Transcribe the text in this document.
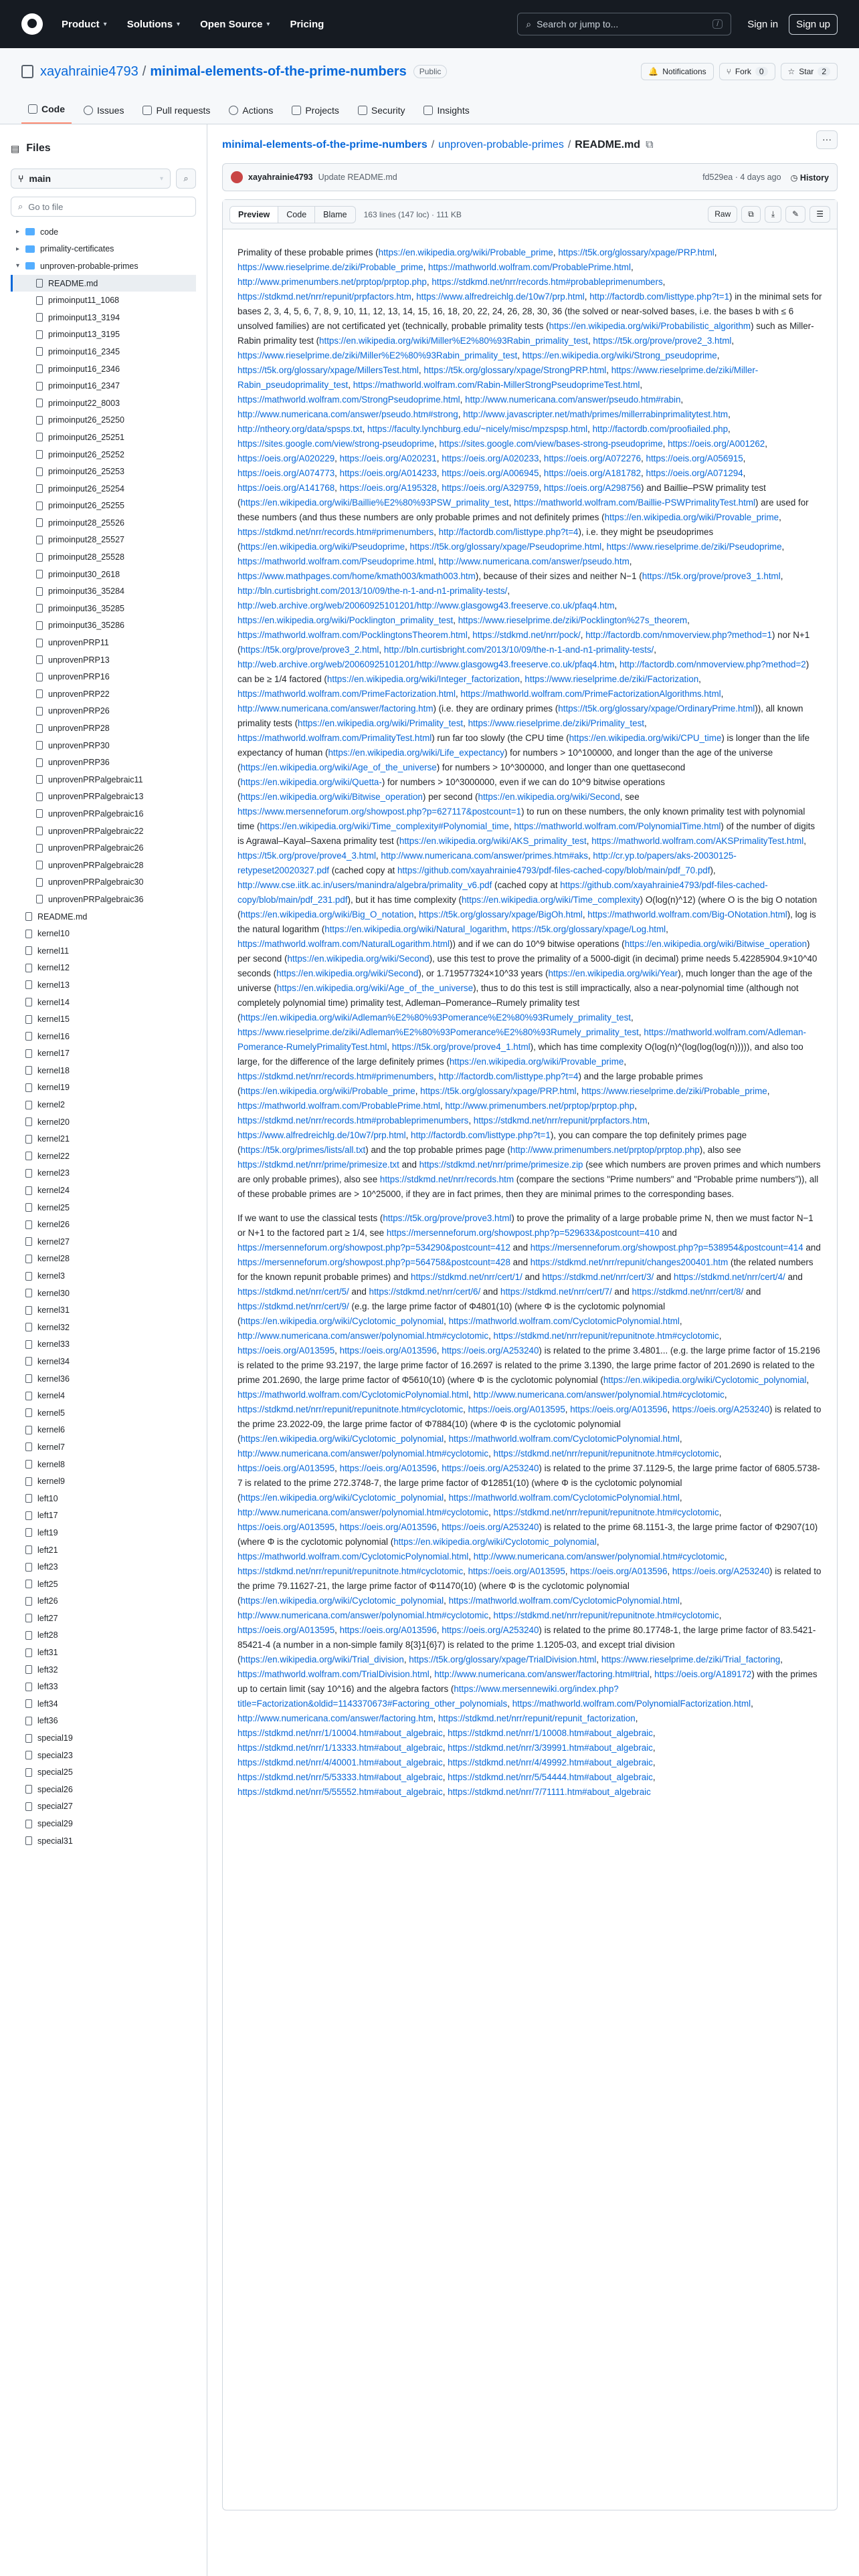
Product ▾ Solutions ▾ Open Source ▾ Pricing	⌕ Search or jump to...	/	Sign in	Sign up
xayahrainie4793 / minimal-elements-of-the-prime-numbers	Public	🔔 Notifications	⑂ Fork	0	☆ Star	2
Code	Issues	Pull requests	Actions	Projects	Security	Insights
···
▤ Files
⑂ main	▾ ⌕
⌕ Go to file
▸	code
▸	primality-certificates
▾	unproven-probable-primes
README.md
primoinput11_1068
primoinput13_3194
primoinput13_3195
primoinput16_2345
primoinput16_2346
primoinput16_2347
primoinput22_8003
primoinput26_25250
primoinput26_25251
primoinput26_25252
primoinput26_25253
primoinput26_25254
primoinput26_25255
primoinput28_25526
primoinput28_25527
primoinput28_25528
primoinput30_2618
primoinput36_35284
primoinput36_35285
primoinput36_35286
unprovenPRP11
unprovenPRP13
unprovenPRP16
unprovenPRP22
unprovenPRP26
unprovenPRP28
unprovenPRP30
unprovenPRP36
unprovenPRPalgebraic11
unprovenPRPalgebraic13
unprovenPRPalgebraic16
unprovenPRPalgebraic22
unprovenPRPalgebraic26
unprovenPRPalgebraic28
unprovenPRPalgebraic30
unprovenPRPalgebraic36
README.md
kernel10
kernel11
kernel12
kernel13
kernel14
kernel15
kernel16
kernel17
kernel18
kernel19
kernel2
kernel20
kernel21
kernel22
kernel23
kernel24
kernel25
kernel26
kernel27
kernel28
kernel3
kernel30
kernel31
kernel32
kernel33
kernel34
kernel36
kernel4
kernel5
kernel6
kernel7
kernel8
kernel9
left10
left17
left19
left21
left23
left25
left26
left27
left28
left31
left32
left33
left34
left36
special19
special23
special25
special26
special27
special29
special31
minimal-elements-of-the-prime-numbers / unproven-probable-primes / README.md ⧉
xayahrainie4793 Update README.md	fd529ea · 4 days ago ◷ History
Preview	Code	Blame	163 lines (147 loc) · 111 KB	Raw	⧉	⤓	✎	☰

Primality of these probable primes (https://en.wikipedia.org/wiki/Probable_prime, https://t5k.org/glossary/xpage/PRP.html, https://www.rieselprime.de/ziki/Probable_prime, https://mathworld.wolfram.com/ProbablePrime.html, http://www.primenumbers.net/prptop/prptop.php, https://stdkmd.net/nrr/records.htm#probableprimenumbers, https://stdkmd.net/nrr/repunit/prpfactors.htm, https://www.alfredreichlg.de/10w7/prp.html, http://factordb.com/listtype.php?t=1) in the minimal sets for bases 2, 3, 4, 5, 6, 7, 8, 9, 10, 11, 12, 13, 14, 15, 16, 18, 20, 22, 24, 26, 28, 30, 36 (the solved or near-solved bases, i.e. the bases b with ≤ 6 unsolved families) are not certificated yet (technically, probable primality tests (https://en.wikipedia.org/wiki/Probabilistic_algorithm) such as Miller-Rabin primality test (https://en.wikipedia.org/wiki/Miller%E2%80%93Rabin_primality_test, https://t5k.org/prove/prove2_3.html, https://www.rieselprime.de/ziki/Miller%E2%80%93Rabin_primality_test, https://en.wikipedia.org/wiki/Strong_pseudoprime, https://t5k.org/glossary/xpage/MillersTest.html, https://t5k.org/glossary/xpage/StrongPRP.html, https://www.rieselprime.de/ziki/Miller-Rabin_pseudoprimality_test, https://mathworld.wolfram.com/Rabin-MillerStrongPseudoprimeTest.html, https://mathworld.wolfram.com/StrongPseudoprime.html, http://www.numericana.com/answer/pseudo.htm#rabin, http://www.numericana.com/answer/pseudo.htm#strong, http://www.javascripter.net/math/primes/millerrabinprimalitytest.htm, http://ntheory.org/data/spsps.txt, https://faculty.lynchburg.edu/~nicely/misc/mpzspsp.html, http://factordb.com/proofiailed.php, https://sites.google.com/view/strong-pseudoprime, https://sites.google.com/view/bases-strong-pseudoprime, https://oeis.org/A001262, https://oeis.org/A020229, https://oeis.org/A020231, https://oeis.org/A020233, https://oeis.org/A072276, https://oeis.org/A056915, https://oeis.org/A074773, https://oeis.org/A014233, https://oeis.org/A006945, https://oeis.org/A181782, https://oeis.org/A071294, https://oeis.org/A141768, https://oeis.org/A195328, https://oeis.org/A329759, https://oeis.org/A298756) and Baillie–PSW primality test (https://en.wikipedia.org/wiki/Baillie%E2%80%93PSW_primality_test, https://mathworld.wolfram.com/Baillie-PSWPrimalityTest.html) are used for these numbers (and thus these numbers are only probable primes and not definitely primes (https://en.wikipedia.org/wiki/Provable_prime, https://stdkmd.net/nrr/records.htm#primenumbers, http://factordb.com/listtype.php?t=4), i.e. they might be pseudoprimes (https://en.wikipedia.org/wiki/Pseudoprime, https://t5k.org/glossary/xpage/Pseudoprime.html, https://www.rieselprime.de/ziki/Pseudoprime, https://mathworld.wolfram.com/Pseudoprime.html, http://www.numericana.com/answer/pseudo.htm, https://www.mathpages.com/home/kmath003/kmath003.htm), because of their sizes and neither N−1 (https://t5k.org/prove/prove3_1.html, http://bln.curtisbright.com/2013/10/09/the-n-1-and-n1-primality-tests/, http://web.archive.org/web/20060925101201/http://www.glasgowg43.freeserve.co.uk/pfaq4.htm, https://en.wikipedia.org/wiki/Pocklington_primality_test, https://www.rieselprime.de/ziki/Pocklington%27s_theorem, https://mathworld.wolfram.com/PocklingtonsTheorem.html, https://stdkmd.net/nrr/pock/, http://factordb.com/nmoverview.php?method=1) nor N+1 (https://t5k.org/prove/prove3_2.html, http://bln.curtisbright.com/2013/10/09/the-n-1-and-n1-primality-tests/, http://web.archive.org/web/20060925101201/http://www.glasgowg43.freeserve.co.uk/pfaq4.htm, http://factordb.com/nmoverview.php?method=2) can be ≥ 1/4 factored (https://en.wikipedia.org/wiki/Integer_factorization, https://www.rieselprime.de/ziki/Factorization, https://mathworld.wolfram.com/PrimeFactorization.html, https://mathworld.wolfram.com/PrimeFactorizationAlgorithms.html, http://www.numericana.com/answer/factoring.htm) (i.e. they are ordinary primes (https://t5k.org/glossary/xpage/OrdinaryPrime.html)), all known primality tests (https://en.wikipedia.org/wiki/Primality_test, https://www.rieselprime.de/ziki/Primality_test, https://mathworld.wolfram.com/PrimalityTest.html) run far too slowly (the CPU time (https://en.wikipedia.org/wiki/CPU_time) is longer than the life expectancy of human (https://en.wikipedia.org/wiki/Life_expectancy) for numbers > 10^100000, and longer than the age of the universe (https://en.wikipedia.org/wiki/Age_of_the_universe) for numbers > 10^300000, and longer than one quettasecond (https://en.wikipedia.org/wiki/Quetta-) for numbers > 10^3000000, even if we can do 10^9 bitwise operations (https://en.wikipedia.org/wiki/Bitwise_operation) per second (https://en.wikipedia.org/wiki/Second, see https://www.mersenneforum.org/showpost.php?p=627117&postcount=1) to run on these numbers, the only known primality test with polynomial time (https://en.wikipedia.org/wiki/Time_complexity#Polynomial_time, https://mathworld.wolfram.com/PolynomialTime.html) of the number of digits is Agrawal–Kayal–Saxena primality test (https://en.wikipedia.org/wiki/AKS_primality_test, https://mathworld.wolfram.com/AKSPrimalityTest.html, https://t5k.org/prove/prove4_3.html, http://www.numericana.com/answer/primes.htm#aks, http://cr.yp.to/papers/aks-20030125-retypeset20020327.pdf (cached copy at https://github.com/xayahrainie4793/pdf-files-cached-copy/blob/main/pdf_70.pdf), http://www.cse.iitk.ac.in/users/manindra/algebra/primality_v6.pdf (cached copy at https://github.com/xayahrainie4793/pdf-files-cached-copy/blob/main/pdf_231.pdf), but it has time complexity (https://en.wikipedia.org/wiki/Time_complexity) O(log(n)^12) (where O is the big O notation (https://en.wikipedia.org/wiki/Big_O_notation, https://t5k.org/glossary/xpage/BigOh.html, https://mathworld.wolfram.com/Big-ONotation.html), log is the natural logarithm (https://en.wikipedia.org/wiki/Natural_logarithm, https://t5k.org/glossary/xpage/Log.html, https://mathworld.wolfram.com/NaturalLogarithm.html)) and if we can do 10^9 bitwise operations (https://en.wikipedia.org/wiki/Bitwise_operation) per second (https://en.wikipedia.org/wiki/Second), use this test to prove the primality of a 5000-digit (in decimal) prime needs 5.42285904.9×10^40 seconds (https://en.wikipedia.org/wiki/Second), or 1.719577324×10^33 years (https://en.wikipedia.org/wiki/Year), much longer than the age of the universe (https://en.wikipedia.org/wiki/Age_of_the_universe), thus to do this test is still impractically, also a near-polynomial time (although not completely polynomial time) primality test, Adleman–Pomerance–Rumely primality test (https://en.wikipedia.org/wiki/Adleman%E2%80%93Pomerance%E2%80%93Rumely_primality_test, https://www.rieselprime.de/ziki/Adleman%E2%80%93Pomerance%E2%80%93Rumely_primality_test, https://mathworld.wolfram.com/Adleman-Pomerance-RumelyPrimalityTest.html, https://t5k.org/prove/prove4_1.html), which has time complexity O(log(n)^(log(log(log(n))))), and also too large, for the difference of the large definitely primes (https://en.wikipedia.org/wiki/Provable_prime, https://stdkmd.net/nrr/records.htm#primenumbers, http://factordb.com/listtype.php?t=4) and the large probable primes (https://en.wikipedia.org/wiki/Probable_prime, https://t5k.org/glossary/xpage/PRP.html, https://www.rieselprime.de/ziki/Probable_prime, https://mathworld.wolfram.com/ProbablePrime.html, http://www.primenumbers.net/prptop/prptop.php, https://stdkmd.net/nrr/records.htm#probableprimenumbers, https://stdkmd.net/nrr/repunit/prpfactors.htm, https://www.alfredreichlg.de/10w7/prp.html, http://factordb.com/listtype.php?t=1), you can compare the top definitely primes page (https://t5k.org/primes/lists/all.txt) and the top probable primes page (http://www.primenumbers.net/prptop/prptop.php), also see https://stdkmd.net/nrr/prime/primesize.txt and https://stdkmd.net/nrr/prime/primesize.zip (see which numbers are proven primes and which numbers are only probable primes), also see https://stdkmd.net/nrr/records.htm (compare the sections "Prime numbers" and "Probable prime numbers")), all of these probable primes are > 10^25000, if they are in fact primes, then they are minimal primes to the corresponding bases.

If we want to use the classical tests (https://t5k.org/prove/prove3.html) to prove the primality of a large probable prime N, then we must factor N−1 or N+1 to the factored part ≥ 1/4, see https://mersenneforum.org/showpost.php?p=529633&postcount=410 and https://mersenneforum.org/showpost.php?p=534290&postcount=412 and https://mersenneforum.org/showpost.php?p=538954&postcount=414 and https://mersenneforum.org/showpost.php?p=564758&postcount=428 and https://stdkmd.net/nrr/repunit/changes200401.htm (the related numbers for the known repunit probable primes) and https://stdkmd.net/nrr/cert/1/ and https://stdkmd.net/nrr/cert/3/ and https://stdkmd.net/nrr/cert/4/ and https://stdkmd.net/nrr/cert/5/ and https://stdkmd.net/nrr/cert/6/ and https://stdkmd.net/nrr/cert/7/ and https://stdkmd.net/nrr/cert/8/ and https://stdkmd.net/nrr/cert/9/ (e.g. the large prime factor of Φ4801(10) (where Φ is the cyclotomic polynomial (https://en.wikipedia.org/wiki/Cyclotomic_polynomial, https://mathworld.wolfram.com/CyclotomicPolynomial.html, http://www.numericana.com/answer/polynomial.htm#cyclotomic, https://stdkmd.net/nrr/repunit/repunitnote.htm#cyclotomic, https://oeis.org/A013595, https://oeis.org/A013596, https://oeis.org/A253240) is related to the prime 3.4801... (e.g. the large prime factor of 15.2196 is related to the prime 93.2197, the large prime factor of 16.2697 is related to the prime 3.1390, the large prime factor of 201.2690 is related to the prime 201.2690, the large prime factor of Φ5610(10) (where Φ is the cyclotomic polynomial (https://en.wikipedia.org/wiki/Cyclotomic_polynomial, https://mathworld.wolfram.com/CyclotomicPolynomial.html, http://www.numericana.com/answer/polynomial.htm#cyclotomic, https://stdkmd.net/nrr/repunit/repunitnote.htm#cyclotomic, https://oeis.org/A013595, https://oeis.org/A013596, https://oeis.org/A253240) is related to the prime 23.2022-09, the large prime factor of Φ7884(10) (where Φ is the cyclotomic polynomial (https://en.wikipedia.org/wiki/Cyclotomic_polynomial, https://mathworld.wolfram.com/CyclotomicPolynomial.html, http://www.numericana.com/answer/polynomial.htm#cyclotomic, https://stdkmd.net/nrr/repunit/repunitnote.htm#cyclotomic, https://oeis.org/A013595, https://oeis.org/A013596, https://oeis.org/A253240) is related to the prime 37.1129-5, the large prime factor of 6805.5738-7 is related to the prime 272.3748-7, the large prime factor of Φ12851(10) (where Φ is the cyclotomic polynomial (https://en.wikipedia.org/wiki/Cyclotomic_polynomial, https://mathworld.wolfram.com/CyclotomicPolynomial.html, http://www.numericana.com/answer/polynomial.htm#cyclotomic, https://stdkmd.net/nrr/repunit/repunitnote.htm#cyclotomic, https://oeis.org/A013595, https://oeis.org/A013596, https://oeis.org/A253240) is related to the prime 68.1151-3, the large prime factor of Φ2907(10) (where Φ is the cyclotomic polynomial (https://en.wikipedia.org/wiki/Cyclotomic_polynomial, https://mathworld.wolfram.com/CyclotomicPolynomial.html, http://www.numericana.com/answer/polynomial.htm#cyclotomic, https://stdkmd.net/nrr/repunit/repunitnote.htm#cyclotomic, https://oeis.org/A013595, https://oeis.org/A013596, https://oeis.org/A253240) is related to the prime 79.11627-21, the large prime factor of Φ11470(10) (where Φ is the cyclotomic polynomial (https://en.wikipedia.org/wiki/Cyclotomic_polynomial, https://mathworld.wolfram.com/CyclotomicPolynomial.html, http://www.numericana.com/answer/polynomial.htm#cyclotomic, https://stdkmd.net/nrr/repunit/repunitnote.htm#cyclotomic, https://oeis.org/A013595, https://oeis.org/A013596, https://oeis.org/A253240) is related to the prime 80.17748-1, the large prime factor of 83.5421-85421-4 (a number in a non-simple family 8{3}1{6}7) is related to the prime 1.1205-03, and except trial division (https://en.wikipedia.org/wiki/Trial_division, https://t5k.org/glossary/xpage/TrialDivision.html, https://www.rieselprime.de/ziki/Trial_factoring, https://mathworld.wolfram.com/TrialDivision.html, http://www.numericana.com/answer/factoring.htm#trial, https://oeis.org/A189172) with the primes up to certain limit (say 10^16) and the algebra factors (https://www.mersennewiki.org/index.php?title=Factorization&oldid=1143370673#Factoring_other_polynomials, https://mathworld.wolfram.com/PolynomialFactorization.html, http://www.numericana.com/answer/factoring.htm, https://stdkmd.net/nrr/repunit/repunit_factorization, https://stdkmd.net/nrr/1/10004.htm#about_algebraic, https://stdkmd.net/nrr/1/10008.htm#about_algebraic, https://stdkmd.net/nrr/1/13333.htm#about_algebraic, https://stdkmd.net/nrr/3/39991.htm#about_algebraic, https://stdkmd.net/nrr/4/40001.htm#about_algebraic, https://stdkmd.net/nrr/4/49992.htm#about_algebraic, https://stdkmd.net/nrr/5/53333.htm#about_algebraic, https://stdkmd.net/nrr/5/54444.htm#about_algebraic, https://stdkmd.net/nrr/5/55552.htm#about_algebraic, https://stdkmd.net/nrr/7/71111.htm#about_algebraic
